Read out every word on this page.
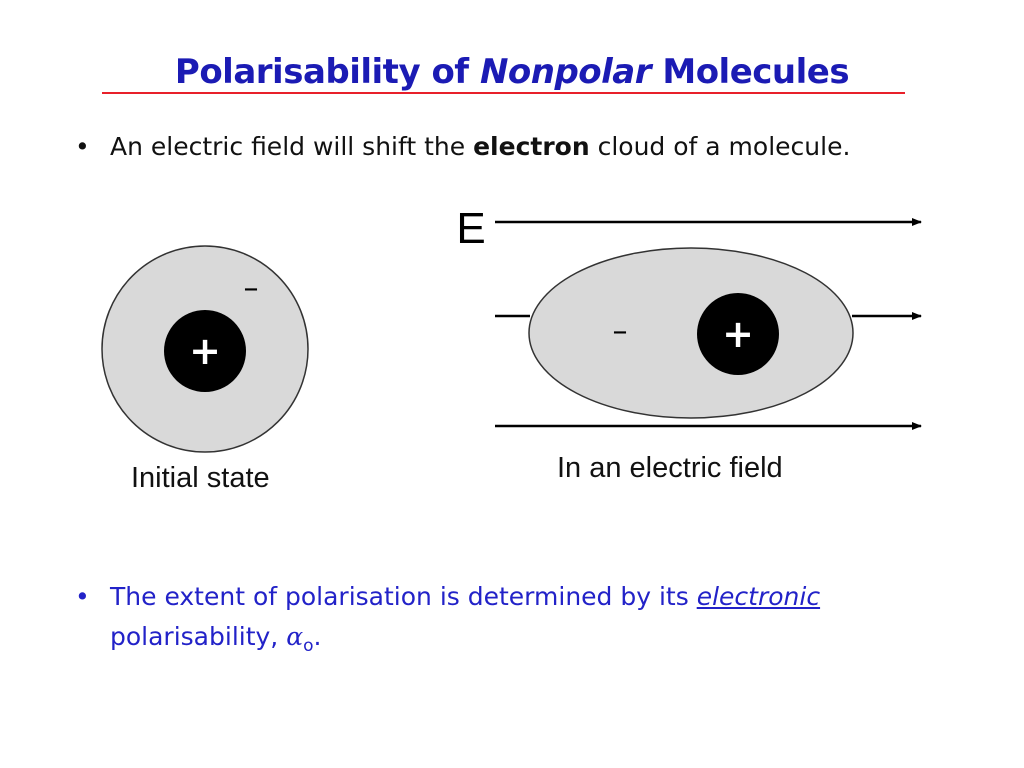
Polarisability of Nonpolar Molecules
• An electric field will shift the electron cloud of a molecule.
+
–
E
+
–
Initial state	In an electric field
• The extent of polarisation is determined by its electronic
polarisability, $\alpha_o$.
